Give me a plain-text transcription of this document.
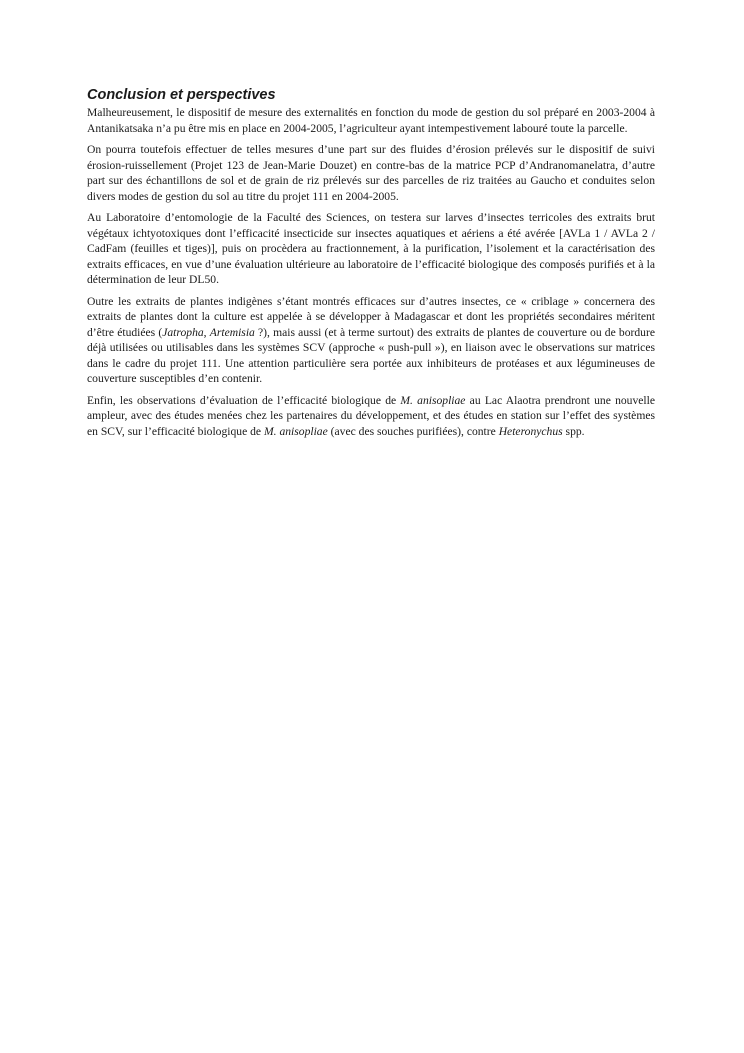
Conclusion et perspectives

Malheureusement, le dispositif de mesure des externalités en fonction du mode de gestion du sol préparé en 2003-2004 à Antanikatsaka n’a pu être mis en place en 2004-2005, l’agriculteur ayant intempestivement labouré toute la parcelle.

On pourra toutefois effectuer de telles mesures d’une part sur des fluides d’érosion prélevés sur le dispositif de suivi érosion-ruissellement (Projet 123 de Jean-Marie Douzet) en contre-bas de la matrice PCP d’Andranomanelatra, d’autre part sur des échantillons de sol et de grain de riz prélevés sur des parcelles de riz traitées au Gaucho et conduites selon divers modes de gestion du sol au titre du projet 111 en 2004-2005.

Au Laboratoire d’entomologie de la Faculté des Sciences, on testera sur larves d’insectes terricoles des extraits brut végétaux ichtyotoxiques dont l’efficacité insecticide sur insectes aquatiques et aériens a été avérée [AVLa 1 / AVLa 2 / CadFam (feuilles et tiges)], puis on procèdera au fractionnement, à la purification, l’isolement et la caractérisation des extraits efficaces, en vue d’une évaluation ultérieure au laboratoire de l’efficacité biologique des composés purifiés et à la détermination de leur DL50.

Outre les extraits de plantes indigènes s’étant montrés efficaces sur d’autres insectes, ce « criblage » concernera des extraits de plantes dont la culture est appelée à se développer à Madagascar et dont les propriétés secondaires méritent d’être étudiées (Jatropha, Artemisia ?), mais aussi (et à terme surtout) des extraits de plantes de couverture ou de bordure déjà utilisées ou utilisables dans les systèmes SCV (approche « push-pull »), en liaison avec le observations sur matrices dans le cadre du projet 111. Une attention particulière sera portée aux inhibiteurs de protéases et aux légumineuses de couverture susceptibles d’en contenir.

Enfin, les observations d’évaluation de l’efficacité biologique de M. anisopliae au Lac Alaotra prendront une nouvelle ampleur, avec des études menées chez les partenaires du développement, et des études en station sur l’effet des systèmes en SCV, sur l’efficacité biologique de M. anisopliae (avec des souches purifiées), contre Heteronychus spp.
